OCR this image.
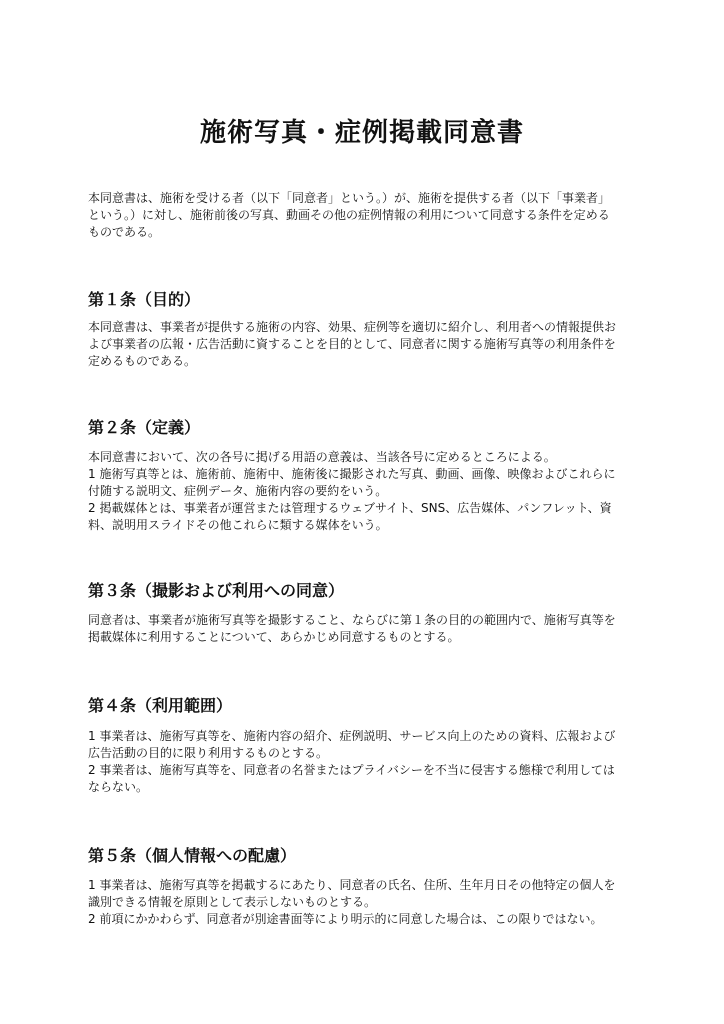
施術写真・症例掲載同意書
本同意書は、施術を受ける者（以下「同意者」という。）が、施術を提供する者（以下「事業者」
という。）に対し、施術前後の写真、動画その他の症例情報の利用について同意する条件を定める
ものである。
第１条（目的）
本同意書は、事業者が提供する施術の内容、効果、症例等を適切に紹介し、利用者への情報提供お
よび事業者の広報・広告活動に資することを目的として、同意者に関する施術写真等の利用条件を
定めるものである。
第２条（定義）
本同意書において、次の各号に掲げる用語の意義は、当該各号に定めるところによる。
1 施術写真等とは、施術前、施術中、施術後に撮影された写真、動画、画像、映像およびこれらに
付随する説明文、症例データ、施術内容の要約をいう。
2 掲載媒体とは、事業者が運営または管理するウェブサイト、SNS、広告媒体、パンフレット、資
料、説明用スライドその他これらに類する媒体をいう。
第３条（撮影および利用への同意）
同意者は、事業者が施術写真等を撮影すること、ならびに第１条の目的の範囲内で、施術写真等を
掲載媒体に利用することについて、あらかじめ同意するものとする。
第４条（利用範囲）
1 事業者は、施術写真等を、施術内容の紹介、症例説明、サービス向上のための資料、広報および
広告活動の目的に限り利用するものとする。
2 事業者は、施術写真等を、同意者の名誉またはプライバシーを不当に侵害する態様で利用しては
ならない。
第５条（個人情報への配慮）
1 事業者は、施術写真等を掲載するにあたり、同意者の氏名、住所、生年月日その他特定の個人を
識別できる情報を原則として表示しないものとする。
2 前項にかかわらず、同意者が別途書面等により明示的に同意した場合は、この限りではない。
